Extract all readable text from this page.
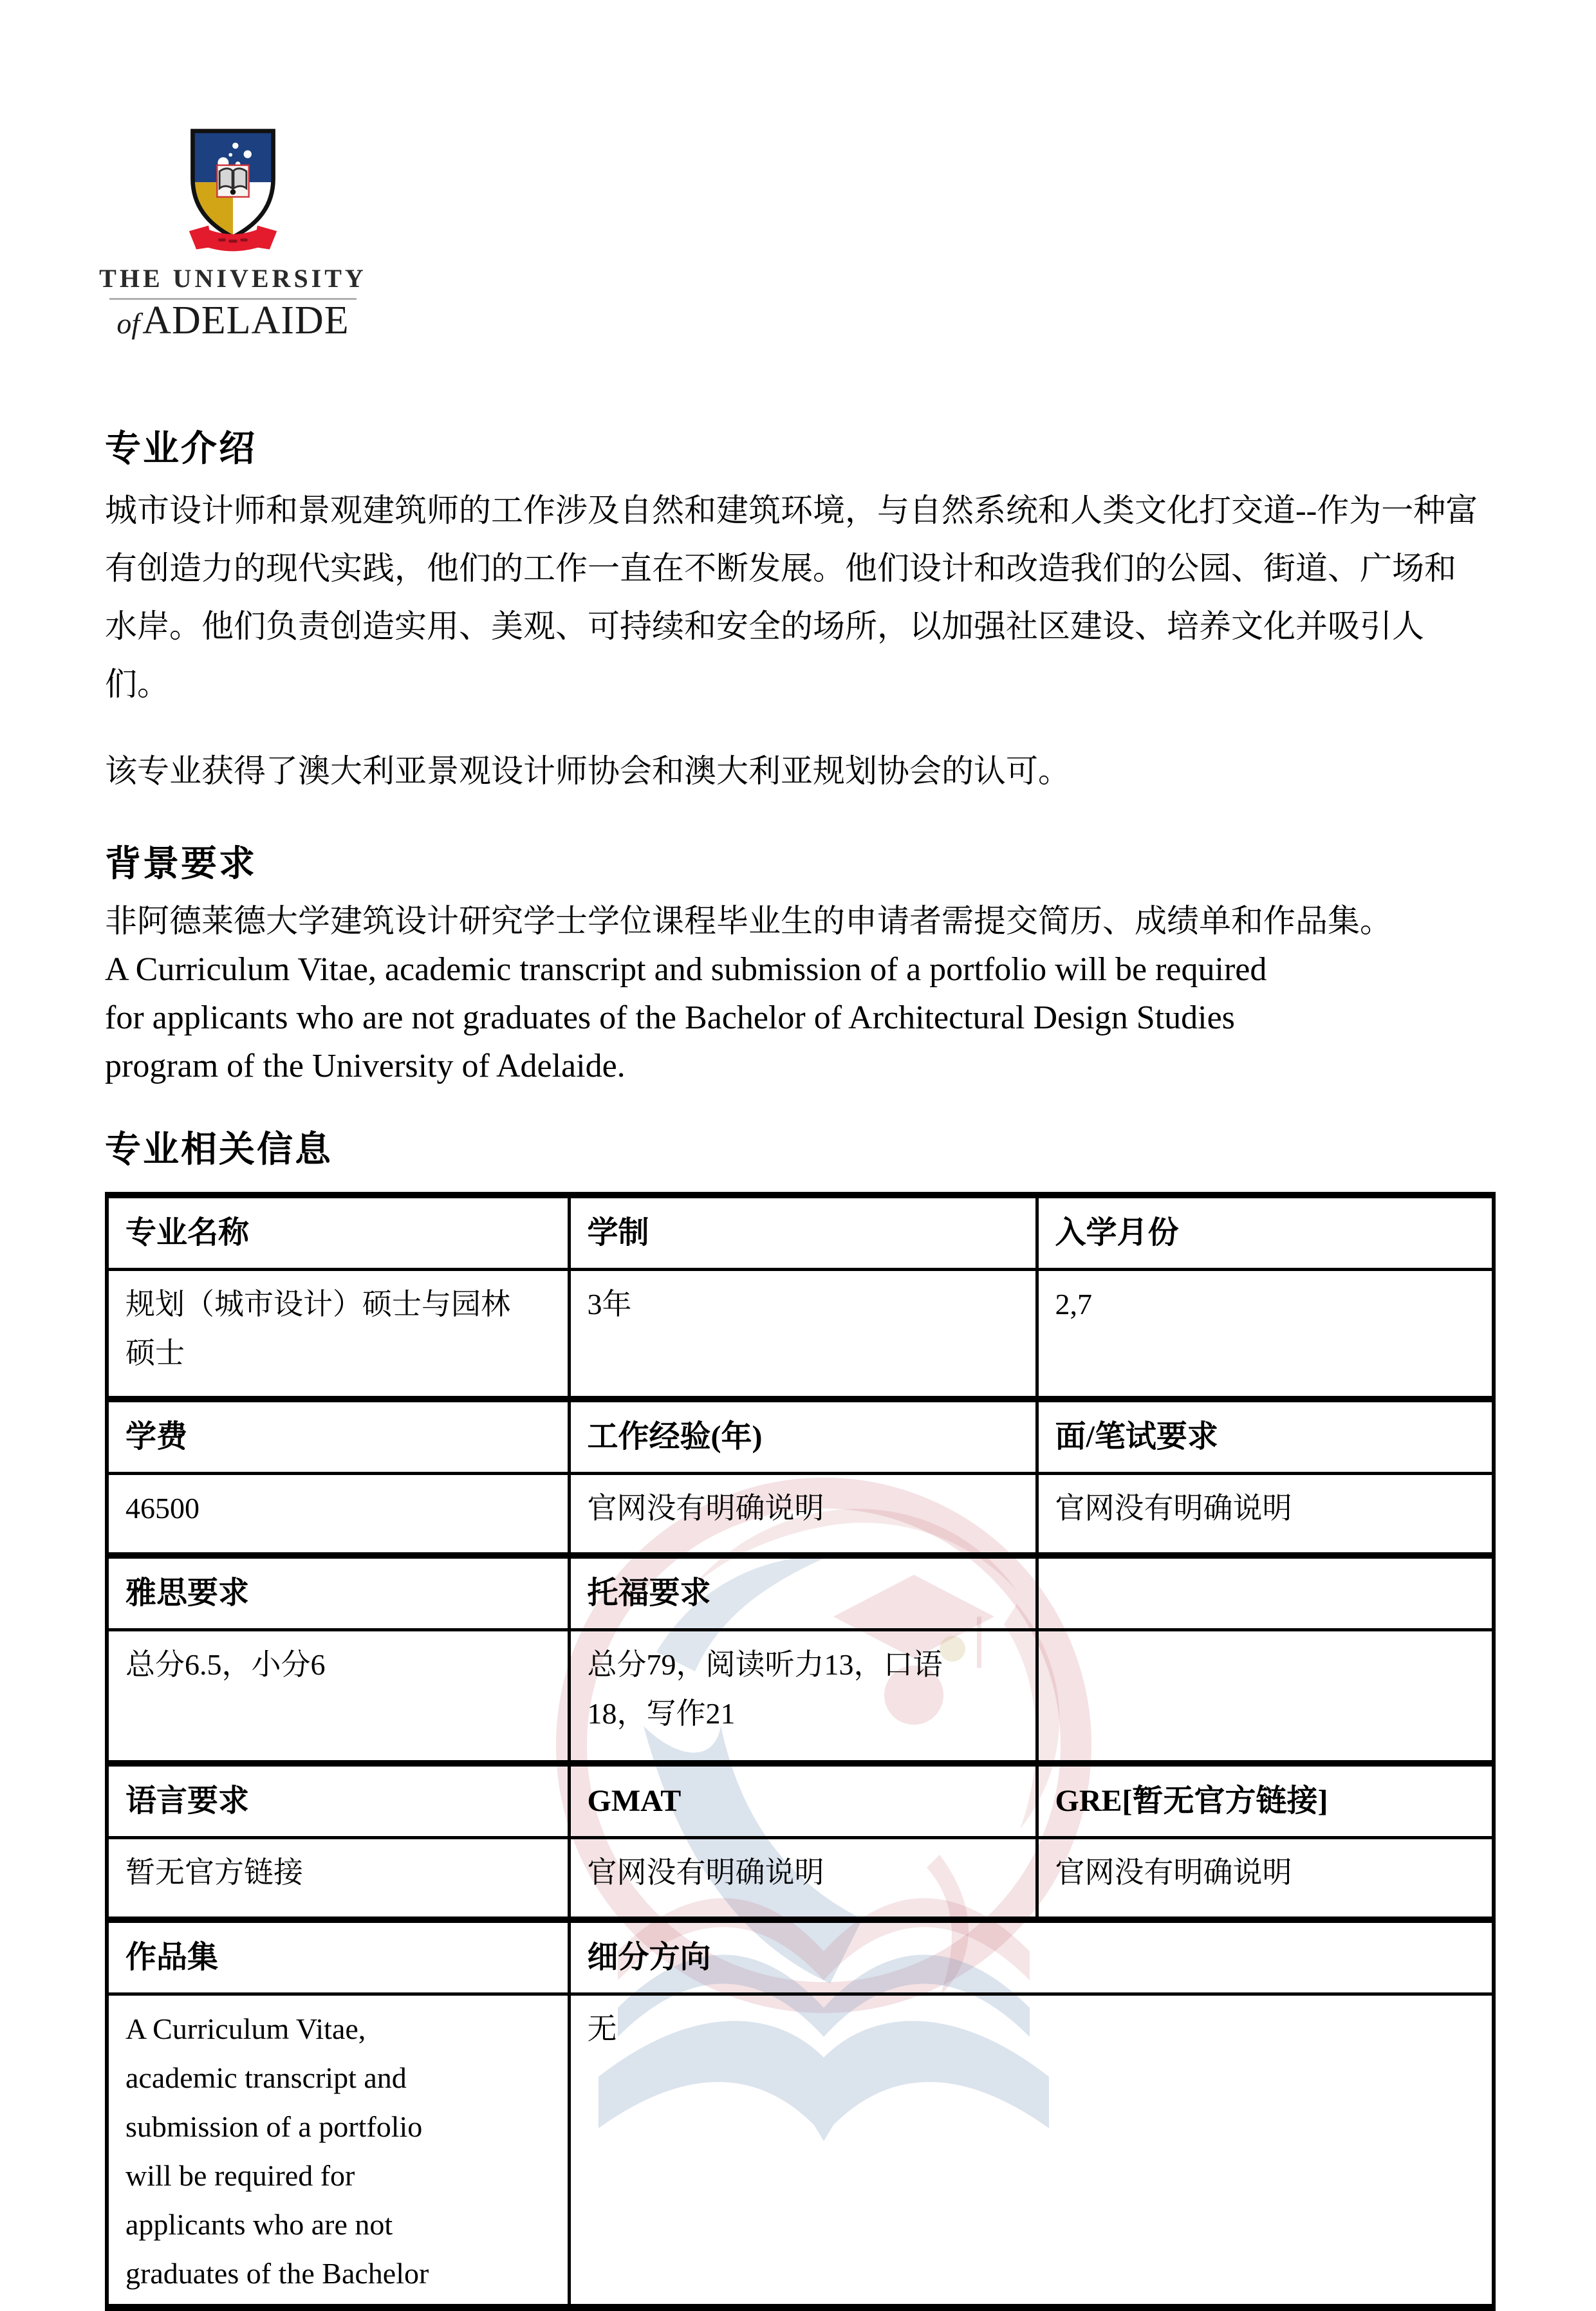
THE UNIVERSITY
ofADELAIDE
专业介绍
城市设计师和景观建筑师的工作涉及自然和建筑环境，与自然系统和人类文化打交道--作为一种富
有创造力的现代实践，他们的工作一直在不断发展。他们设计和改造我们的公园、街道、广场和
水岸。他们负责创造实用、美观、可持续和安全的场所，以加强社区建设、培养文化并吸引人
们。
该专业获得了澳大利亚景观设计师协会和澳大利亚规划协会的认可。
背景要求
非阿德莱德大学建筑设计研究学士学位课程毕业生的申请者需提交简历、成绩单和作品集。
A Curriculum Vitae, academic transcript and submission of a portfolio will be required
for applicants who are not graduates of the Bachelor of Architectural Design Studies
program of the University of Adelaide.
专业相关信息
专业名称	学制	入学月份

规划（城市设计）硕士与园林
硕士	3年	2,7
学费	工作经验(年)	面/笔试要求
46500	官网没有明确说明	官网没有明确说明
雅思要求	托福要求	
总分6.5，小分6	总分79，阅读听力13，口语
18，写作21	

语言要求	GMAT	GRE[暂无官方链接]
暂无官方链接	官网没有明确说明	官网没有明确说明
作品集	细分方向	

A Curriculum Vitae,
academic transcript and
submission of a portfolio
will be required for
applicants who are not
graduates of the Bachelor
	无
